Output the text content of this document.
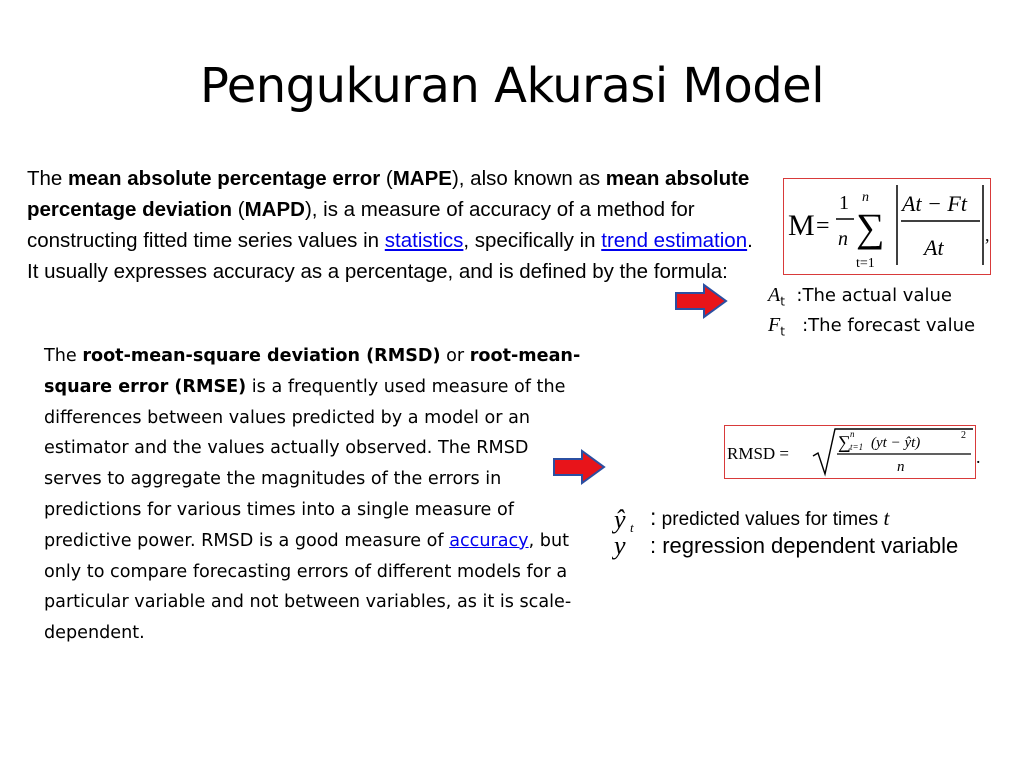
Pengukuran Akurasi Model
The mean absolute percentage error (MAPE), also known as mean absolute percentage deviation (MAPD), is a measure of accuracy of a method for constructing fitted time series values in statistics, specifically in trend estimation. It usually expresses accuracy as a percentage, and is defined by the formula:
M =
1
n
n
∑
t=1
At − Ft
At ,
$A_t$ :The actual value
$F_t$ :The forecast value
The root-mean-square deviation (RMSD) or root-mean-square error (RMSE) is a frequently used measure of the differences between values predicted by a model or an estimator and the values actually observed. The RMSD serves to aggregate the magnitudes of the errors in predictions for various times into a single measure of predictive power. RMSD is a good measure of accuracy, but only to compare forecasting errors of different models for a particular variable and not between variables, as it is scale-dependent.
RMSD =
∑ n
t=1 (yt − ŷt)	2
n	.
ŷ t
y
: predicted values for times t
: regression dependent variable
